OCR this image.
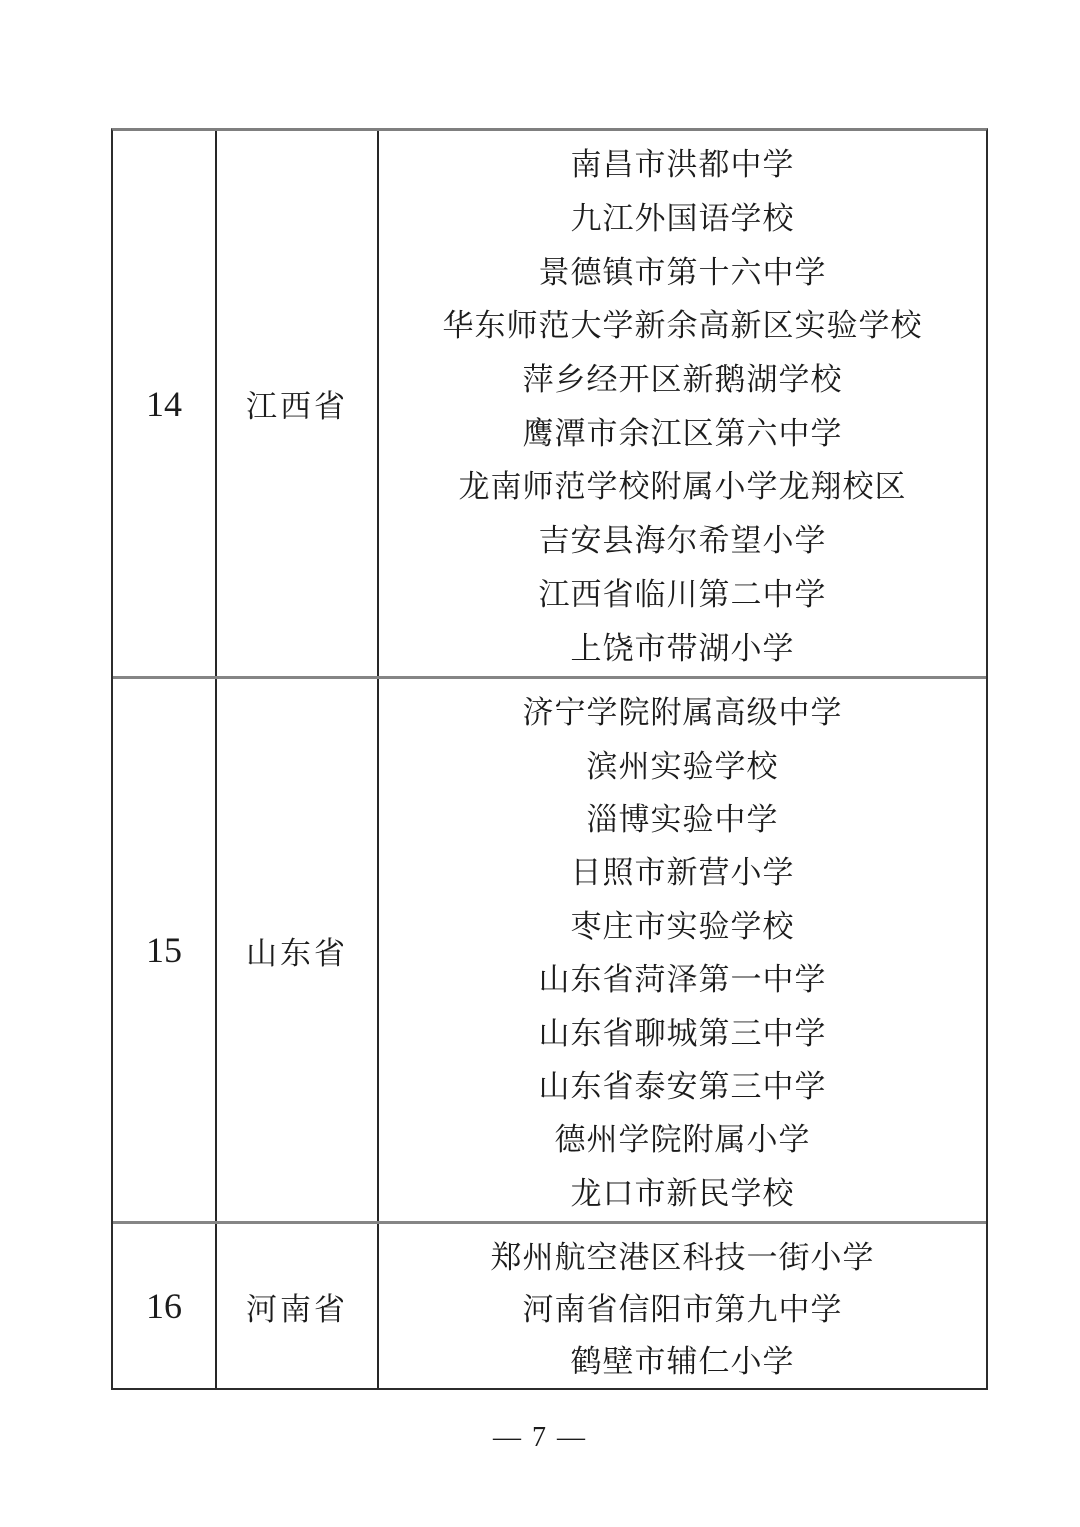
14 江西省
南昌市洪都中学
九江外国语学校
景德镇市第十六中学
华东师范大学新余高新区实验学校
萍乡经开区新鹅湖学校
鹰潭市余江区第六中学
龙南师范学校附属小学龙翔校区
吉安县海尔希望小学
江西省临川第二中学
上饶市带湖小学
15 山东省
济宁学院附属高级中学
滨州实验学校
淄博实验中学
日照市新营小学
枣庄市实验学校
山东省菏泽第一中学
山东省聊城第三中学
山东省泰安第三中学
德州学院附属小学
龙口市新民学校
16 河南省
郑州航空港区科技一街小学
河南省信阳市第九中学
鹤壁市辅仁小学
— 7 —
